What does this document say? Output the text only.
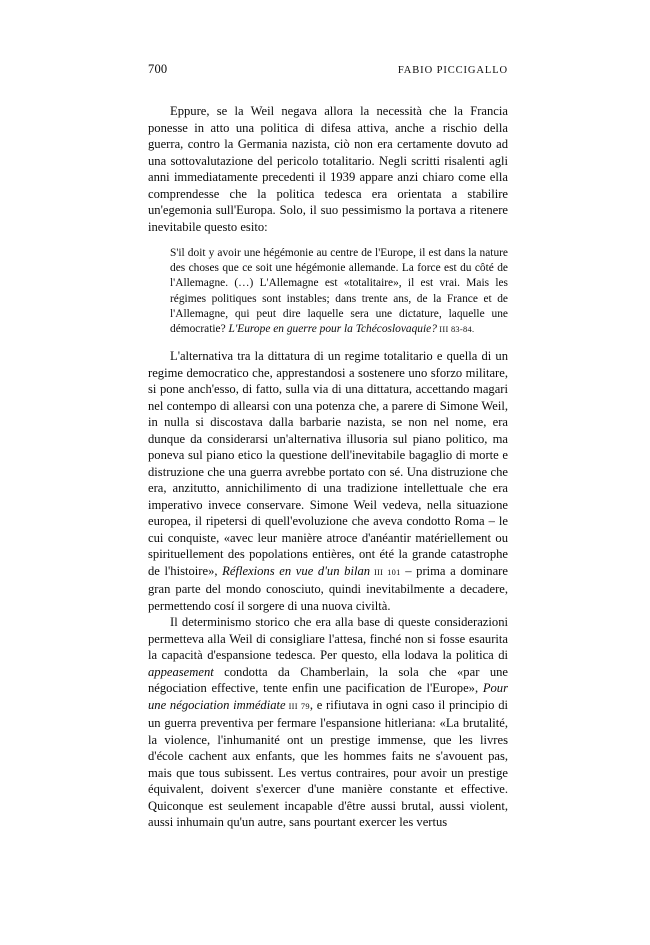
700	FABIO PICCIGALLO

Eppure, se la Weil negava allora la necessità che la Francia ponesse in atto una politica di difesa attiva, anche a rischio della guerra, contro la Germania nazista, ciò non era certamente dovuto ad una sottovalutazione del pericolo totalitario. Negli scritti risalenti agli anni immediatamente precedenti il 1939 appare anzi chiaro come ella comprendesse che la politica tedesca era orientata a stabilire un'egemonia sull'Europa. Solo, il suo pessimismo la portava a ritenere inevitabile questo esito:

S'il doit y avoir une hégémonie au centre de l'Europe, il est dans la nature des choses que ce soit une hégémonie allemande. La force est du côté de l'Allemagne. (…) L'Allemagne est «totalitaire», il est vrai. Mais les régimes politiques sont instables; dans trente ans, de la France et de l'Allemagne, qui peut dire laquelle sera une dictature, laquelle une démocratie? L'Europe en guerre pour la Tchécoslovaquie? III 83-84.

L'alternativa tra la dittatura di un regime totalitario e quella di un regime democratico che, apprestandosi a sostenere uno sforzo militare, si pone anch'esso, di fatto, sulla via di una dittatura, accettando magari nel contempo di allearsi con una potenza che, a parere di Simone Weil, in nulla si discostava dalla barbarie nazista, se non nel nome, era dunque da considerarsi un'alternativa illusoria sul piano politico, ma poneva sul piano etico la questione dell'inevitabile bagaglio di morte e distruzione che una guerra avrebbe portato con sé. Una distruzione che era, anzitutto, annichilimento di una tradizione intellettuale che era imperativo invece conservare. Simone Weil vedeva, nella situazione europea, il ripetersi di quell'evoluzione che aveva condotto Roma – le cui conquiste, «avec leur manière atroce d'anéantir matériellement ou spirituellement des popolations entières, ont été la grande catastrophe de l'histoire», Réflexions en vue d'un bilan III 101 – prima a dominare gran parte del mondo conosciuto, quindi inevitabilmente a decadere, permettendo cosí il sorgere di una nuova civiltà.

Il determinismo storico che era alla base di queste considerazioni permetteva alla Weil di consigliare l'attesa, finché non si fosse esaurita la capacità d'espansione tedesca. Per questo, ella lodava la politica di appeasement condotta da Chamberlain, la sola che «par une négociation effective, tente enfin une pacification de l'Europe», Pour une négociation immédiate III 79, e rifiutava in ogni caso il principio di un guerra preventiva per fermare l'espansione hitleriana: «La brutalité, la violence, l'inhumanité ont un prestige immense, que les livres d'école cachent aux enfants, que les hommes faits ne s'avouent pas, mais que tous subissent. Les vertus contraires, pour avoir un prestige équivalent, doivent s'exercer d'une manière constante et effective. Quiconque est seulement incapable d'être aussi brutal, aussi violent, aussi inhumain qu'un autre, sans pourtant exercer les vertus
